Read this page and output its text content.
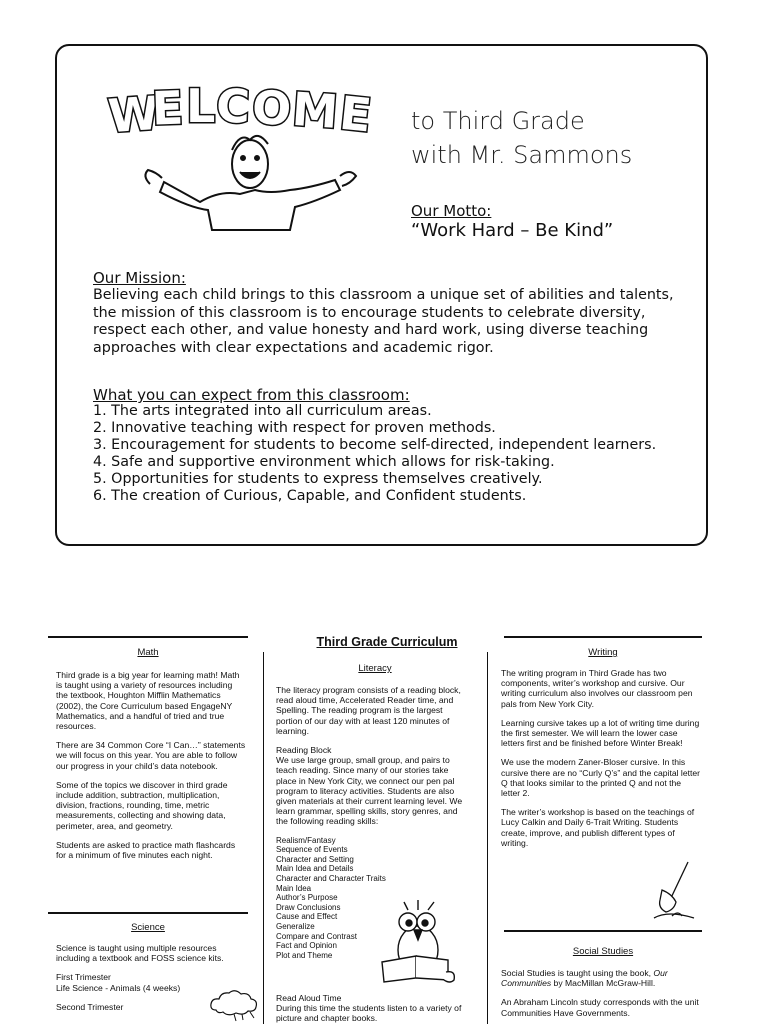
W
E L C O
M
E to Third Grade
with Mr. Sammons
Our Motto:
“Work Hard – Be Kind”
Our Mission:
Believing each child brings to this classroom a unique set of abilities and talents, the mission of this classroom is to encourage students to celebrate diversity, respect each other, and value honesty and hard work, using diverse teaching approaches with clear expectations and academic rigor.
What you can expect from this classroom:
1. The arts integrated into all curriculum areas.
2. Innovative teaching with respect for proven methods.
3. Encouragement for students to become self-directed, independent learners.
4. Safe and supportive environment which allows for risk-taking.
5. Opportunities for students to express themselves creatively.
6. The creation of Curious, Capable, and Confident students.
Third Grade Curriculum
Math

Third grade is a big year for learning math! Math is taught using a variety of resources including the textbook, Houghton Mifflin Mathematics (2002), the Core Curriculum based EngageNY Mathematics, and a handful of tried and true resources.

There are 34 Common Core “I Can…” statements we will focus on this year. You are able to follow our progress in your child’s data notebook.

Some of the topics we discover in third grade include addition, subtraction, multiplication, division, fractions, rounding, time, metric measurements, collecting and showing data, perimeter, area, and geometry.

Students are asked to practice math flashcards for a minimum of five minutes each night.

Science

Science is taught using multiple resources including a textbook and FOSS science kits.

First Trimester
Life Science - Animals (4 weeks)
Second Trimester
Literacy

The literacy program consists of a reading block, read aloud time, Accelerated Reader time, and Spelling. The reading program is the largest portion of our day with at least 120 minutes of learning.

Reading Block

We use large group, small group, and pairs to teach reading. Since many of our stories take place in New York City, we connect our pen pal program to literacy activities. Students are also given materials at their current learning level. We learn grammar, spelling skills, story genres, and the following reading skills:

Realism/Fantasy
Sequence of Events
Character and Setting
Main Idea and Details
Character and Character Traits
Main Idea
Author’s Purpose
Draw Conclusions
Cause and Effect
Generalize
Compare and Contrast
Fact and Opinion
Plot and Theme
Read Aloud Time
During this time the students listen to a variety of picture and chapter books.
Writing

The writing program in Third Grade has two components, writer’s workshop and cursive. Our writing curriculum also involves our classroom pen pals from New York City.

Learning cursive takes up a lot of writing time during the first semester. We will learn the lower case letters first and be finished before Winter Break!

We use the modern Zaner-Bloser cursive. In this cursive there are no “Curly Q’s” and the capital letter Q that looks similar to the printed Q and not the letter 2.

The writer’s workshop is based on the teachings of Lucy Calkin and Daily 6-Trait Writing. Students create, improve, and publish different types of writing.

Social Studies

Social Studies is taught using the book, Our Communities by MacMillan McGraw-Hill.

An Abraham Lincoln study corresponds with the unit Communities Have Governments.
